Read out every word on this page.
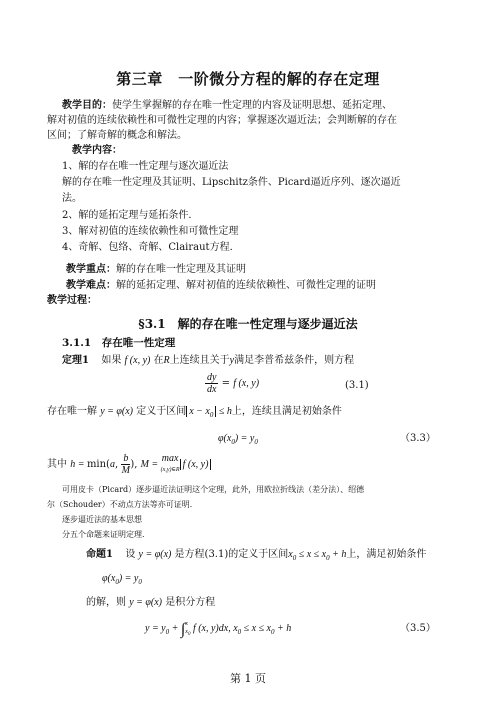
第三章　一阶微分方程的解的存在定理
教学目的：使学生掌握解的存在唯一性定理的内容及证明思想、延拓定理、
解对初值的连续依赖性和可微性定理的内容；掌握逐次逼近法；会判断解的存在
区间；了解奇解的概念和解法。
教学内容：
1、解的存在唯一性定理与逐次逼近法
解的存在唯一性定理及其证明、Lipschitz条件、Picard逼近序列、逐次逼近
法。
2、解的延拓定理与延拓条件．
3、解对初值的连续依赖性和可微性定理
4、奇解、包络、奇解、Clairaut方程．
教学重点：解的存在唯一性定理及其证明
教学难点：解的延拓定理、解对初值的连续依赖性、可微性定理的证明
教学过程：
§3.1　解的存在唯一性定理与逐步逼近法
3.1.1　存在唯一性定理
定理1 如果 f (x, y) 在R上连续且关于y满足李普希兹条件，则方程
$\frac{dy}{dx} = f$ (x, y)	(3.1)
存在唯一解 y = φ(x) 定义于区间 $x - x_0 \le h$上，连续且满足初始条件
$\varphi(x_0) = y_0$	（3.3）
其中 h = min(a, $\frac{b}{M}$ ), M = max
(x,y)∈R f (x, y)
可用皮卡（Picard）逐步逼近法证明这个定理，此外，用欧拉折线法（差分法）、绍德
尔（Schouder）不动点方法等亦可证明．
逐步逼近法的基本思想
分五个命题来证明定理．
命题1 设 y = φ(x) 是方程(3.1)的定义于区间$x_0 \le x \le x_0 + h$上，满足初始条件
$\varphi(x_0) = y_0$
的解，则 y = φ(x) 是积分方程
$y = y_0 + \int x$
$x_0$ f (x, y)dx, $x_0 \le x \le x_0 + h$	（3.5）
第 1 页
